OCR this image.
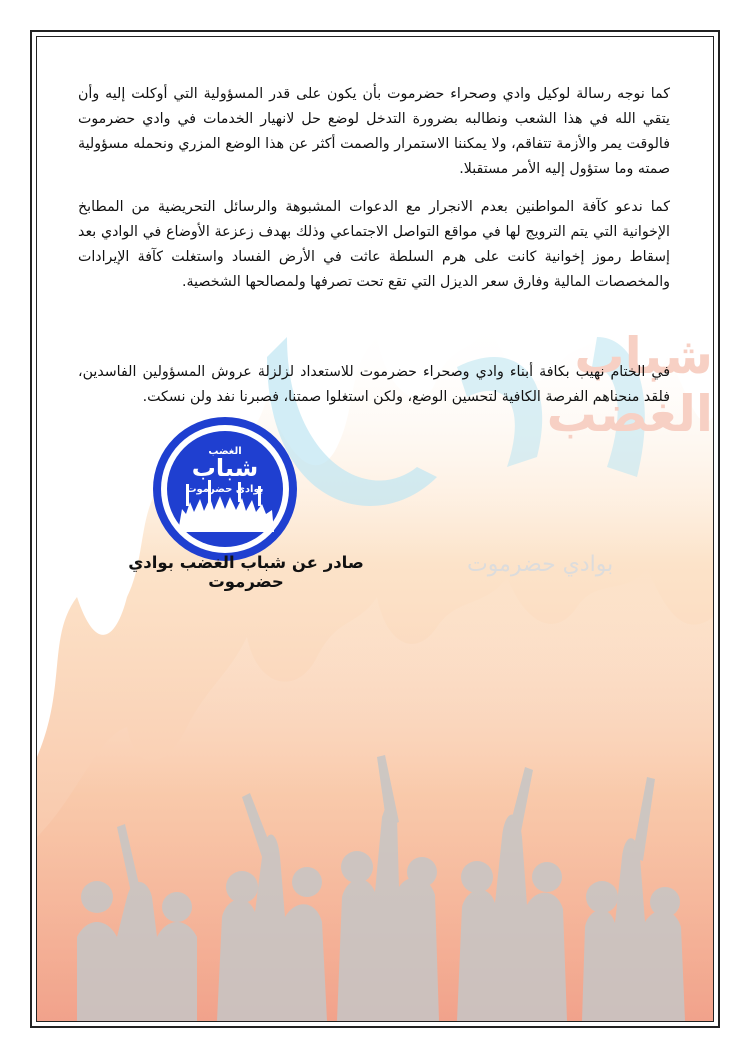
شباب الغضب
بوادي حضرموت
كما نوجه رسالة لوكيل وادي وصحراء حضرموت بأن يكون على قدر المسؤولية التي أوكلت إليه وأن يتقي الله في هذا الشعب ونطالبه بضرورة التدخل لوضع حل لانهيار الخدمات في وادي حضرموت فالوقت يمر والأزمة تتفاقم، ولا يمكننا الاستمرار والصمت أكثر عن هذا الوضع المزري ونحمله مسؤولية صمته وما ستؤول إليه الأمر مستقبلا.
كما ندعو كآفة المواطنين بعدم الانجرار مع الدعوات المشبوهة والرسائل التحريضية من المطابخ الإخوانية التي يتم الترويج لها في مواقع التواصل الاجتماعي وذلك بهدف زعزعة الأوضاع في الوادي بعد إسقاط رموز إخوانية كانت على هرم السلطة عاثت في الأرض الفساد واستغلت كآفة الإيرادات والمخصصات المالية وفارق سعر الديزل التي تقع تحت تصرفها ولمصالحها الشخصية.
في الختام نهيب بكافة أبناء وادي وصحراء حضرموت للاستعداد لزلزلة عروش المسؤولين الفاسدين، فلقد منحناهم الفرصة الكافية لتحسين الوضع، ولكن استغلوا صمتنا، فصبرنا نفد ولن نسكت.
الغضب
شباب
بوادي حضرموت
صادر عن شباب الغضب بوادي حضرموت
